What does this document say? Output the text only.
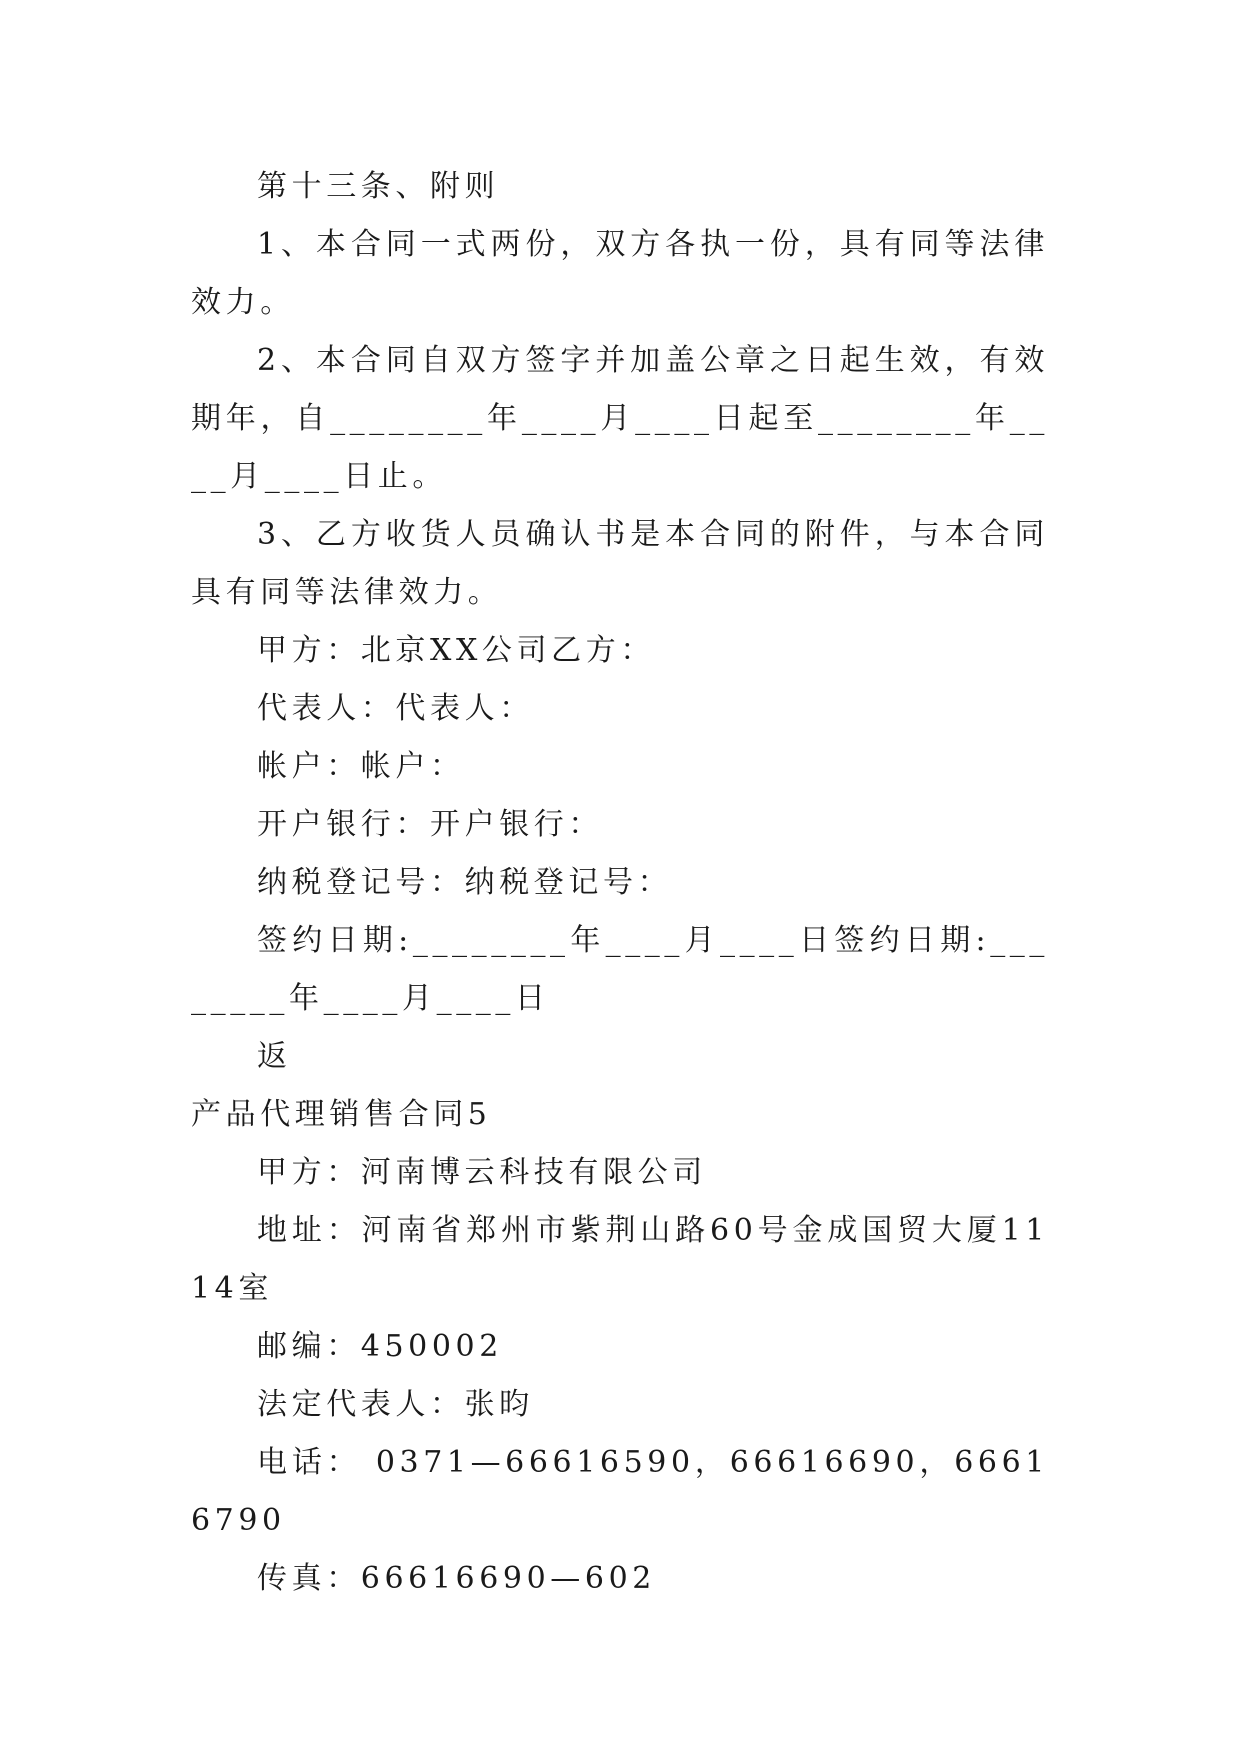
第十三条、附则

1、本合同一式两份，双方各执一份，具有同等法律效力。

2、本合同自双方签字并加盖公章之日起生效，有效期年，自________年____月____日起至________年____月____日止。

3、乙方收货人员确认书是本合同的附件，与本合同具有同等法律效力。

甲方：北京XX公司乙方：

代表人：代表人：

帐户：帐户：

开户银行：开户银行：

纳税登记号：纳税登记号：

签约日期:________年____月____日签约日期:________年____月____日

返

产品代理销售合同5

甲方：河南博云科技有限公司

地址：河南省郑州市紫荆山路60号金成国贸大厦1114室

邮编：450002

法定代表人：张昀

电话： 0371—66616590，66616690，66616790

传真：66616690—602
